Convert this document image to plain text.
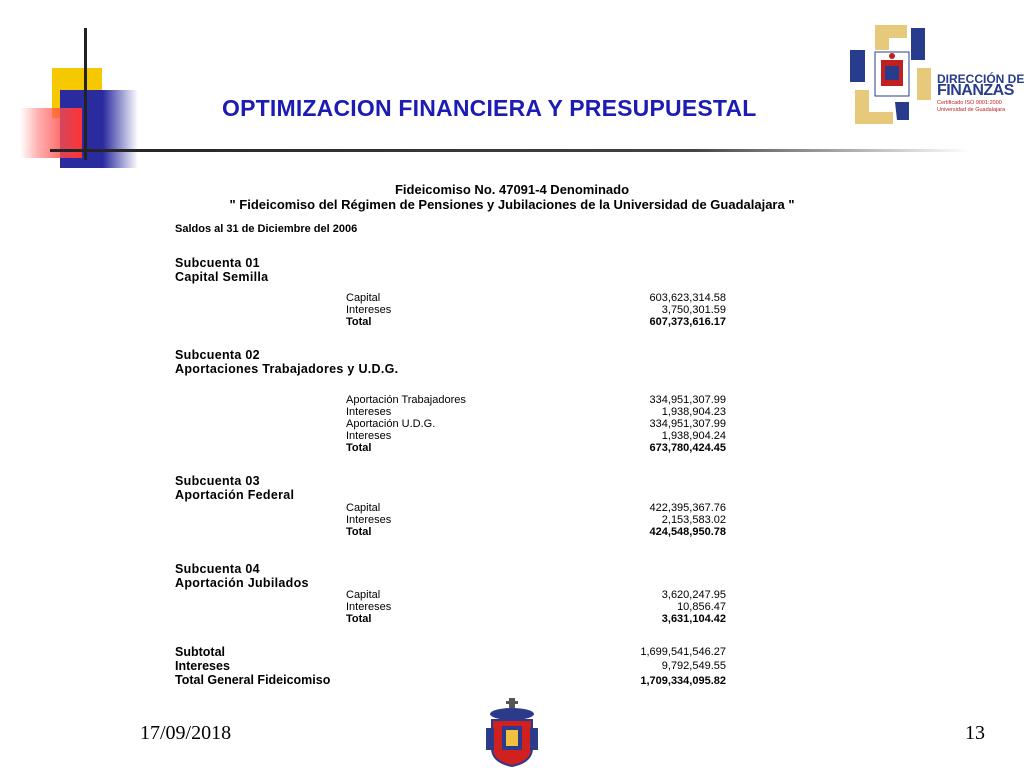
OPTIMIZACION FINANCIERA Y PRESUPUESTAL
DIRECCIÓN DE
FINANZAS
Certificado ISO 9001:2000
Universidad de Guadalajara
Fideicomiso No. 47091-4 Denominado
" Fideicomiso del Régimen de Pensiones y Jubilaciones de la Universidad de Guadalajara "
Saldos al 31 de Diciembre del 2006
Subcuenta 01
Capital Semilla
Capital	603,623,314.58
Intereses	3,750,301.59
Total	607,373,616.17
Subcuenta 02
Aportaciones Trabajadores y U.D.G.
Aportación Trabajadores	334,951,307.99
Intereses	1,938,904.23
Aportación U.D.G.	334,951,307.99
Intereses	1,938,904.24
Total	673,780,424.45
Subcuenta 03
Aportación Federal
Capital	422,395,367.76
Intereses	2,153,583.02
Total	424,548,950.78
Subcuenta 04
Aportación Jubilados
Capital	3,620,247.95
Intereses	10,856.47
Total	3,631,104.42
Subtotal	1,699,541,546.27
Intereses	9,792,549.55
Total General Fideicomiso	1,709,334,095.82
17/09/2018	13
